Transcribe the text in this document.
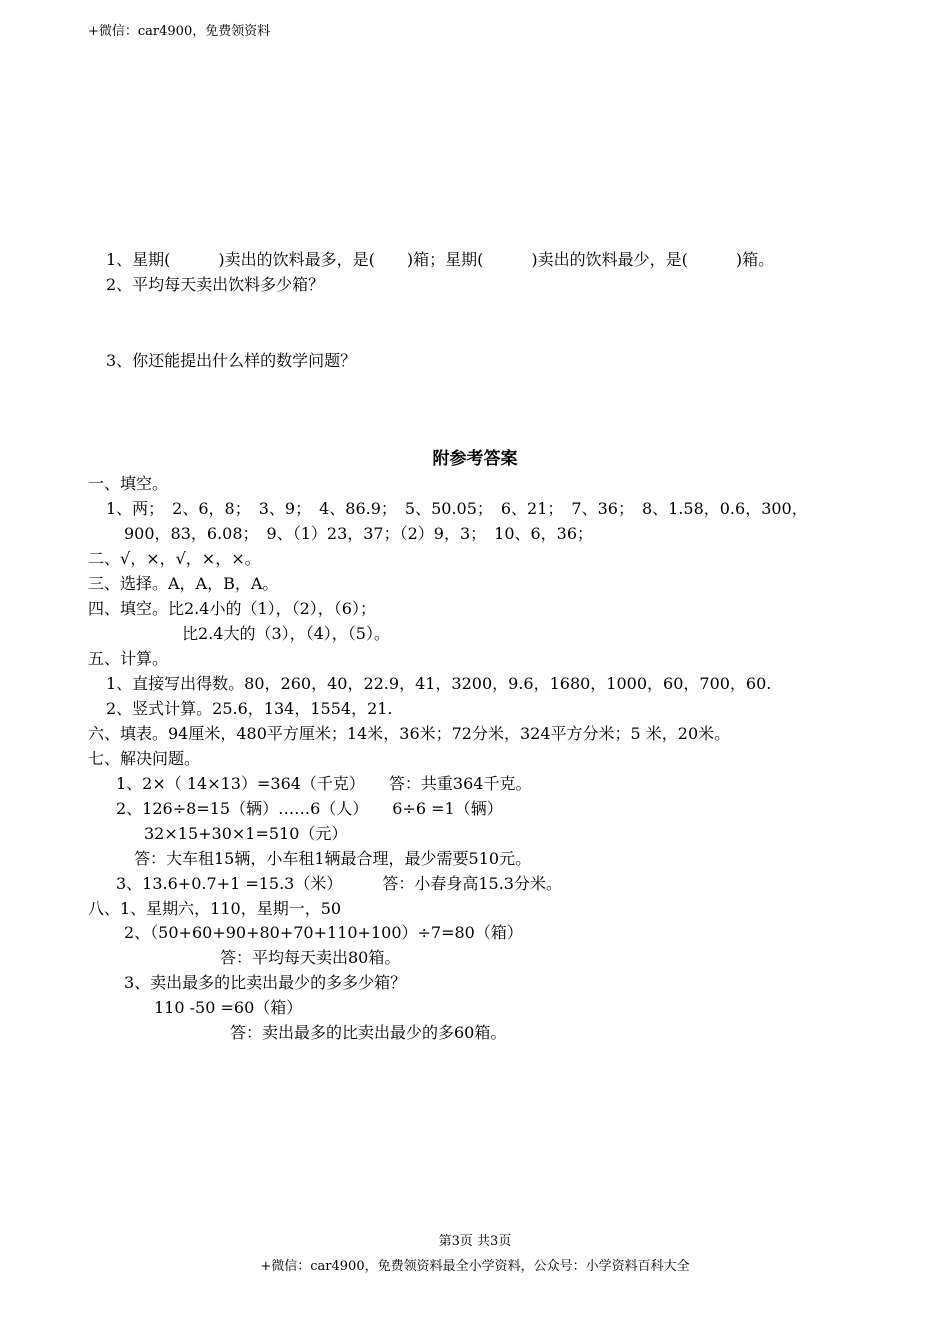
+微信：car4900，免费领资料
1、星期(　　　)卖出的饮料最多，是(　　)箱；星期(　　　)卖出的饮料最少，是(　　　)箱。
2、平均每天卖出饮料多少箱？
3、你还能提出什么样的数学问题？
附参考答案
一、填空。
1、两；　2、6，8；　3、9；　4、86.9；　5、50.05；　6、21；　7、36；　8、1.58，0.6，300，
900，83，6.08；　9、（1）23，37；（2）9，3；　10、6，36；
二、√，×，√，×，×。
三、选择。A，A，B，A。
四、填空。比2.4小的（1），（2），（6）；
比2.4大的（3），（4），（5）。
五、计算。
1、直接写出得数。80，260，40，22.9，41，3200，9.6，1680，1000，60，700，60.
2、竖式计算。25.6，134，1554，21.
六、填表。94厘米，480平方厘米；14米，36米；72分米，324平方分米；5 米，20米。
七、解决问题。
1、2×（ 14×13）=364（千克）　　答：共重364千克。
2、126÷8=15（辆）……6（人）　　6÷6 =1（辆）
32×15+30×1=510（元）
答：大车租15辆，小车租1辆最合理，最少需要510元。
3、13.6+0.7+1 =15.3（米）　　　答：小春身高15.3分米。
八、1、星期六，110，星期一，50
2、（50+60+90+80+70+110+100）÷7=80（箱）
答：平均每天卖出80箱。
3、卖出最多的比卖出最少的多多少箱？
110 -50 =60（箱）
答：卖出最多的比卖出最少的多60箱。
第3页 共3页
+微信：car4900，免费领资料最全小学资料，公众号：小学资料百科大全
